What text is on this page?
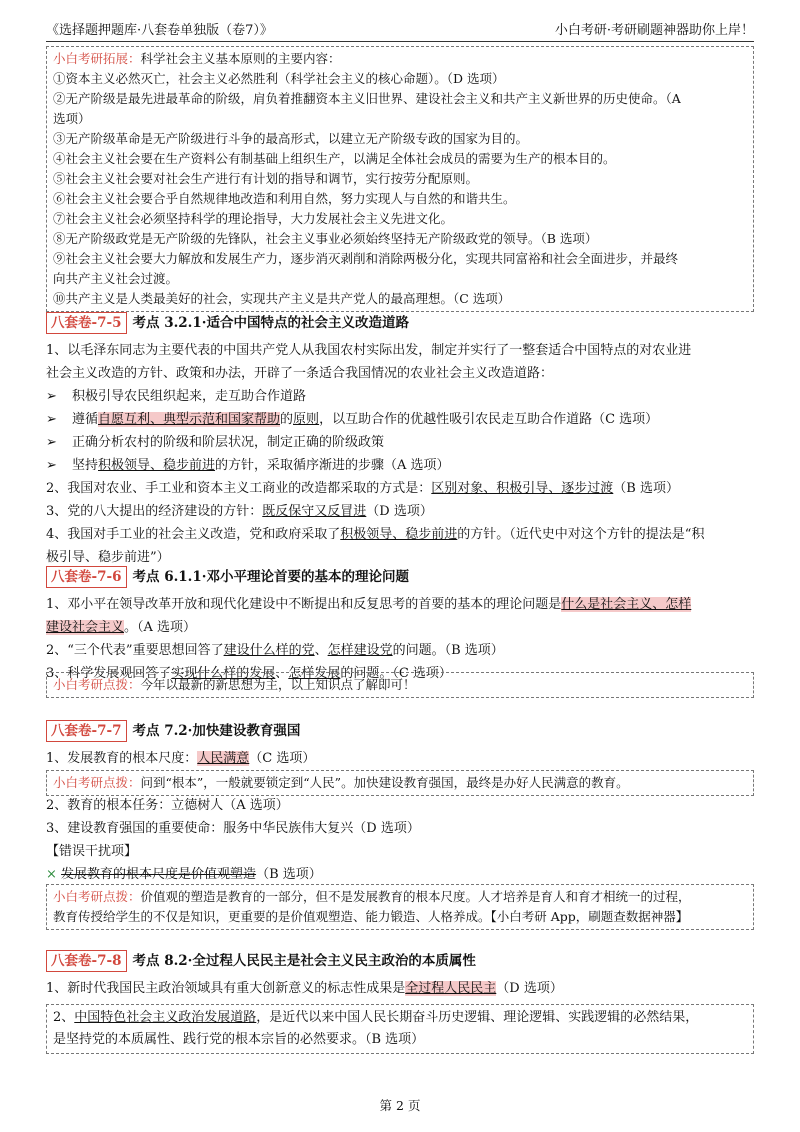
《选择题押题库·八套卷单独版（卷7）》	小白考研·考研刷题神器助你上岸！
小白考研拓展：科学社会主义基本原则的主要内容：
①资本主义必然灭亡，社会主义必然胜利（科学社会主义的核心命题）。（D 选项）
②无产阶级是最先进最革命的阶级，肩负着推翻资本主义旧世界、建设社会主义和共产主义新世界的历史使命。（A
选项）
③无产阶级革命是无产阶级进行斗争的最高形式，以建立无产阶级专政的国家为目的。
④社会主义社会要在生产资料公有制基础上组织生产，以满足全体社会成员的需要为生产的根本目的。
⑤社会主义社会要对社会生产进行有计划的指导和调节，实行按劳分配原则。
⑥社会主义社会要合乎自然规律地改造和利用自然，努力实现人与自然的和谐共生。
⑦社会主义社会必须坚持科学的理论指导，大力发展社会主义先进文化。
⑧无产阶级政党是无产阶级的先锋队，社会主义事业必须始终坚持无产阶级政党的领导。（B 选项）
⑨社会主义社会要大力解放和发展生产力，逐步消灭剥削和消除两极分化，实现共同富裕和社会全面进步，并最终
向共产主义社会过渡。
⑩共产主义是人类最美好的社会，实现共产主义是共产党人的最高理想。（C 选项）
八套卷-7-5 考点 3.2.1·适合中国特点的社会主义改造道路
1、以毛泽东同志为主要代表的中国共产党人从我国农村实际出发，制定并实行了一整套适合中国特点的对农业进
社会主义改造的方针、政策和办法，开辟了一条适合我国情况的农业社会主义改造道路：
➢ 积极引导农民组织起来，走互助合作道路
➢ 遵循自愿互利、典型示范和国家帮助的原则，以互助合作的优越性吸引农民走互助合作道路（C 选项）
➢ 正确分析农村的阶级和阶层状况，制定正确的阶级政策
➢ 坚持积极领导、稳步前进的方针，采取循序渐进的步骤（A 选项）
2、我国对农业、手工业和资本主义工商业的改造都采取的方式是：区别对象、积极引导、逐步过渡（B 选项）
3、党的八大提出的经济建设的方针：既反保守又反冒进（D 选项）
4、我国对手工业的社会主义改造，党和政府采取了积极领导、稳步前进的方针。（近代史中对这个方针的提法是“积
极引导、稳步前进”）
八套卷-7-6 考点 6.1.1·邓小平理论首要的基本的理论问题
1、邓小平在领导改革开放和现代化建设中不断提出和反复思考的首要的基本的理论问题是什么是社会主义、怎样
建设社会主义。（A 选项）
2、“三个代表”重要思想回答了建设什么样的党、怎样建设党的问题。（B 选项）
3、科学发展观回答了实现什么样的发展、怎样发展的问题。（C 选项）
小白考研点拨：今年以最新的新思想为主，以上知识点了解即可！
八套卷-7-7 考点 7.2·加快建设教育强国
1、发展教育的根本尺度：人民满意（C 选项）
小白考研点拨：问到“根本”，一般就要锁定到“人民”。加快建设教育强国，最终是办好人民满意的教育。
2、教育的根本任务：立德树人（A 选项）
3、建设教育强国的重要使命：服务中华民族伟大复兴（D 选项）
【错误干扰项】
× 发展教育的根本尺度是价值观塑造（B 选项）
小白考研点拨：价值观的塑造是教育的一部分，但不是发展教育的根本尺度。人才培养是育人和育才相统一的过程，
教育传授给学生的不仅是知识，更重要的是价值观塑造、能力锻造、人格养成。【小白考研 App，刷题查数据神器】
八套卷-7-8 考点 8.2·全过程人民民主是社会主义民主政治的本质属性
1、新时代我国民主政治领域具有重大创新意义的标志性成果是全过程人民民主（D 选项）
2、中国特色社会主义政治发展道路，是近代以来中国人民长期奋斗历史逻辑、理论逻辑、实践逻辑的必然结果，
是坚持党的本质属性、践行党的根本宗旨的必然要求。（B 选项）
第 2 页
